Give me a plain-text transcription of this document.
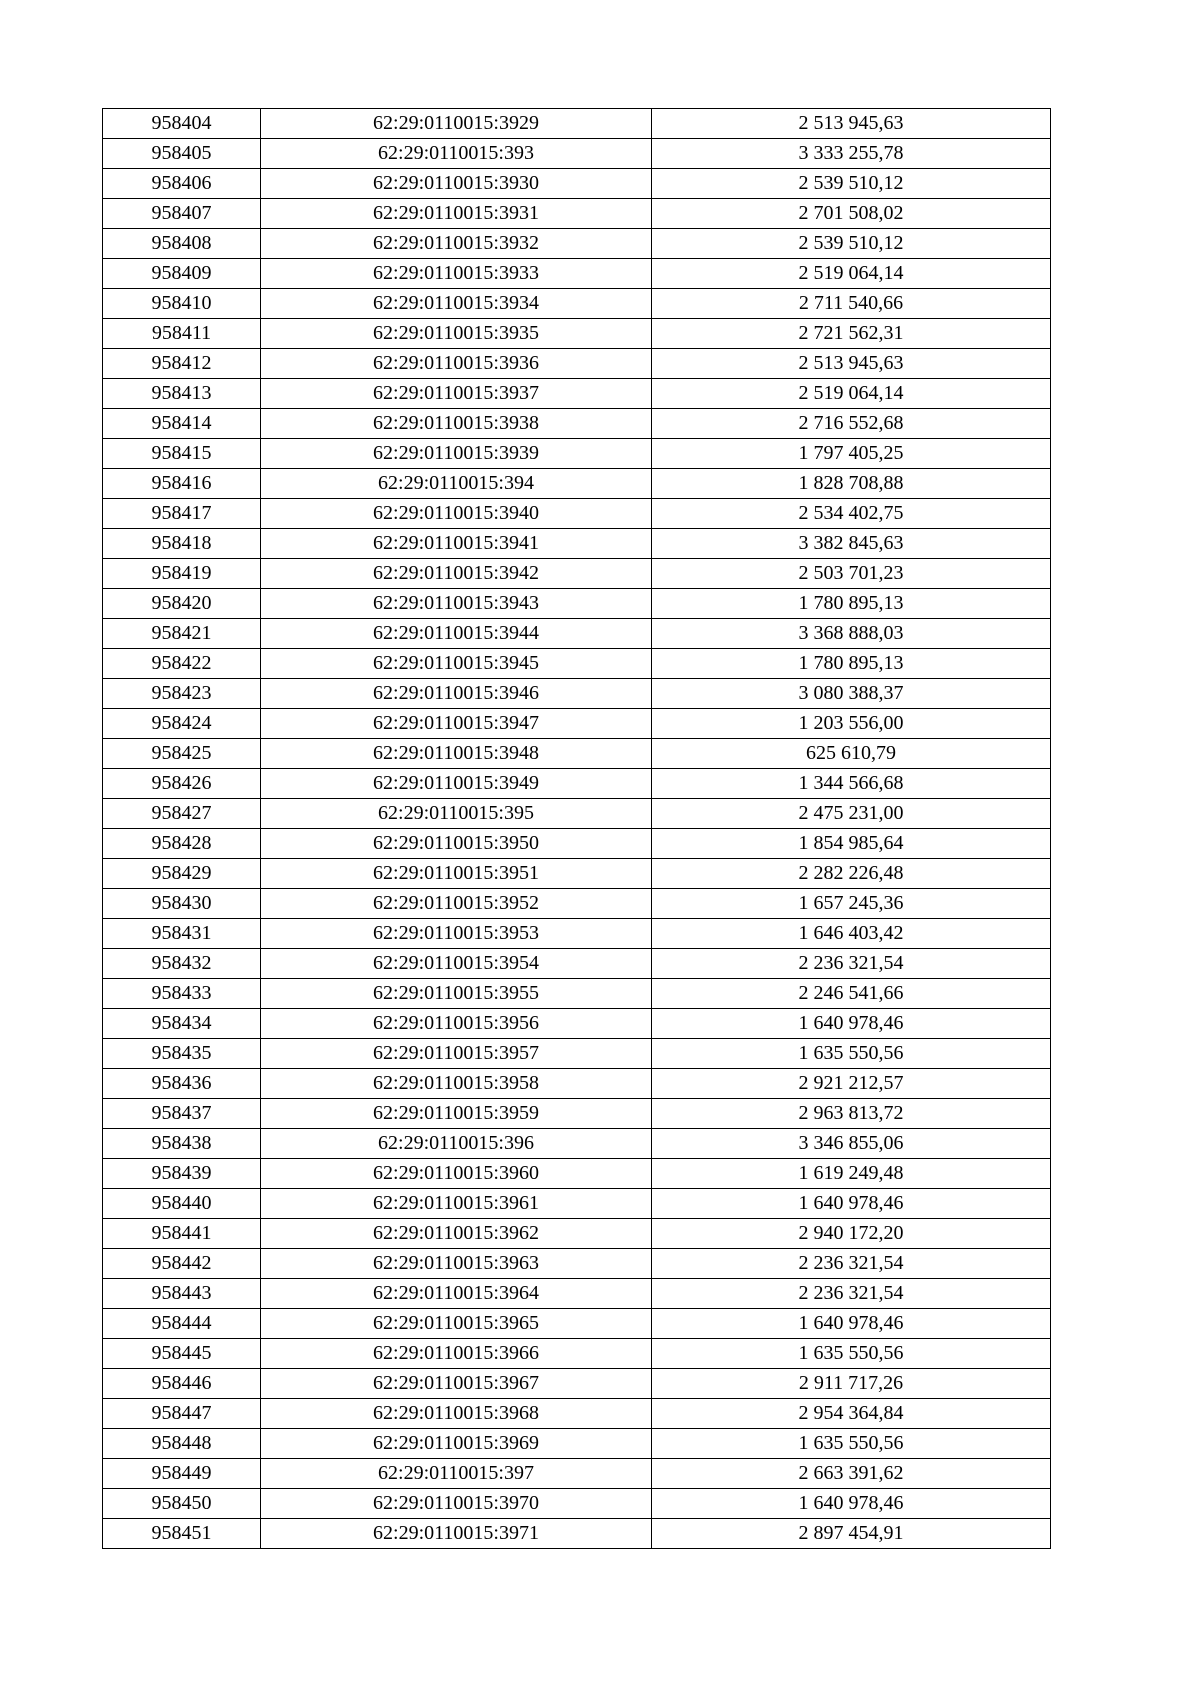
958404	62:29:0110015:3929	2 513 945,63
958405	62:29:0110015:393	3 333 255,78
958406	62:29:0110015:3930	2 539 510,12
958407	62:29:0110015:3931	2 701 508,02
958408	62:29:0110015:3932	2 539 510,12
958409	62:29:0110015:3933	2 519 064,14
958410	62:29:0110015:3934	2 711 540,66
958411	62:29:0110015:3935	2 721 562,31
958412	62:29:0110015:3936	2 513 945,63
958413	62:29:0110015:3937	2 519 064,14
958414	62:29:0110015:3938	2 716 552,68
958415	62:29:0110015:3939	1 797 405,25
958416	62:29:0110015:394	1 828 708,88
958417	62:29:0110015:3940	2 534 402,75
958418	62:29:0110015:3941	3 382 845,63
958419	62:29:0110015:3942	2 503 701,23
958420	62:29:0110015:3943	1 780 895,13
958421	62:29:0110015:3944	3 368 888,03
958422	62:29:0110015:3945	1 780 895,13
958423	62:29:0110015:3946	3 080 388,37
958424	62:29:0110015:3947	1 203 556,00
958425	62:29:0110015:3948	625 610,79
958426	62:29:0110015:3949	1 344 566,68
958427	62:29:0110015:395	2 475 231,00
958428	62:29:0110015:3950	1 854 985,64
958429	62:29:0110015:3951	2 282 226,48
958430	62:29:0110015:3952	1 657 245,36
958431	62:29:0110015:3953	1 646 403,42
958432	62:29:0110015:3954	2 236 321,54
958433	62:29:0110015:3955	2 246 541,66
958434	62:29:0110015:3956	1 640 978,46
958435	62:29:0110015:3957	1 635 550,56
958436	62:29:0110015:3958	2 921 212,57
958437	62:29:0110015:3959	2 963 813,72
958438	62:29:0110015:396	3 346 855,06
958439	62:29:0110015:3960	1 619 249,48
958440	62:29:0110015:3961	1 640 978,46
958441	62:29:0110015:3962	2 940 172,20
958442	62:29:0110015:3963	2 236 321,54
958443	62:29:0110015:3964	2 236 321,54
958444	62:29:0110015:3965	1 640 978,46
958445	62:29:0110015:3966	1 635 550,56
958446	62:29:0110015:3967	2 911 717,26
958447	62:29:0110015:3968	2 954 364,84
958448	62:29:0110015:3969	1 635 550,56
958449	62:29:0110015:397	2 663 391,62
958450	62:29:0110015:3970	1 640 978,46
958451	62:29:0110015:3971	2 897 454,91
